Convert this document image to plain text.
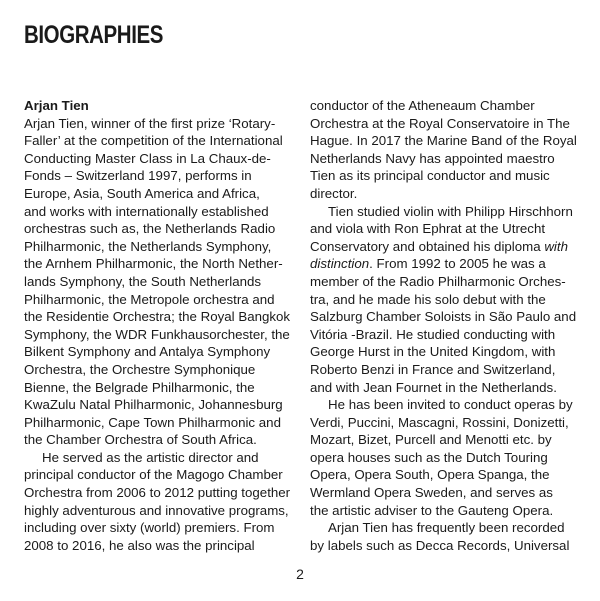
BIOGRAPHIES
Arjan Tien
Arjan Tien, winner of the first prize ‘Rotary-
Faller’ at the competition of the International
Conducting Master Class in La Chaux-de-
Fonds – Switzerland 1997, performs in
Europe, Asia, South America and Africa,
and works with internationally established
orchestras such as, the Netherlands Radio
Philharmonic, the Netherlands Symphony,
the Arnhem Philharmonic, the North Nether-
lands Symphony, the South Netherlands
Philharmonic, the Metropole orchestra and
the Residentie Orchestra; the Royal Bangkok
Symphony, the WDR Funkhausorchester, the
Bilkent Symphony and Antalya Symphony
Orchestra, the Orchestre Symphonique
Bienne, the Belgrade Philharmonic, the
KwaZulu Natal Philharmonic, Johannesburg
Philharmonic, Cape Town Philharmonic and
the Chamber Orchestra of South Africa.
He served as the artistic director and
principal conductor of the Magogo Chamber
Orchestra from 2006 to 2012 putting together
highly adventurous and innovative programs,
including over sixty (world) premiers. From
2008 to 2016, he also was the principal
conductor of the Atheneaum Chamber
Orchestra at the Royal Conservatoire in The
Hague. In 2017 the Marine Band of the Royal
Netherlands Navy has appointed maestro
Tien as its principal conductor and music
director.
Tien studied violin with Philipp Hirschhorn
and viola with Ron Ephrat at the Utrecht
Conservatory and obtained his diploma with
distinction. From 1992 to 2005 he was a
member of the Radio Philharmonic Orches-
tra, and he made his solo debut with the
Salzburg Chamber Soloists in São Paulo and
Vitória -Brazil. He studied conducting with
George Hurst in the United Kingdom, with
Roberto Benzi in France and Switzerland,
and with Jean Fournet in the Netherlands.
He has been invited to conduct operas by
Verdi, Puccini, Mascagni, Rossini, Donizetti,
Mozart, Bizet, Purcell and Menotti etc. by
opera houses such as the Dutch Touring
Opera, Opera South, Opera Spanga, the
Wermland Opera Sweden, and serves as
the artistic adviser to the Gauteng Opera.
Arjan Tien has frequently been recorded
by labels such as Decca Records, Universal
2
